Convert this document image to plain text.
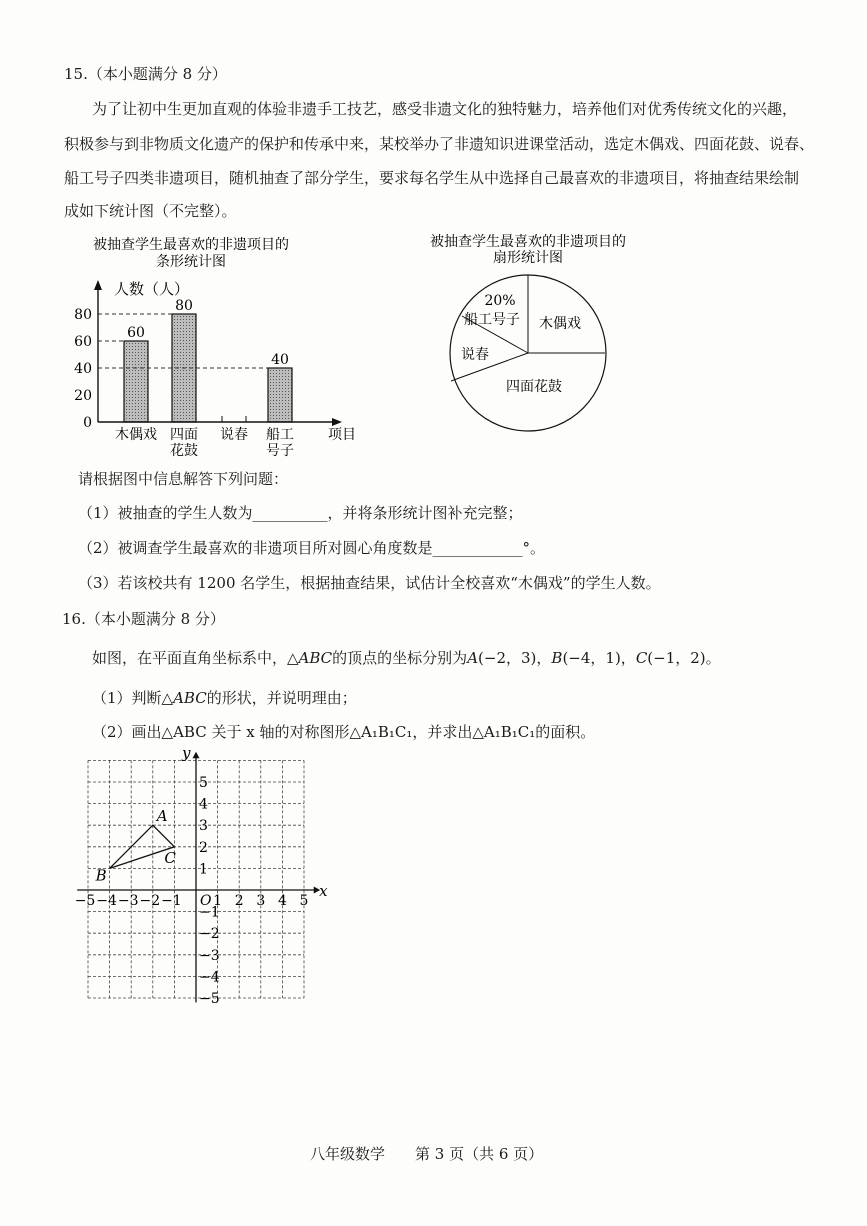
15.（本小题满分 8 分）
为了让初中生更加直观的体验非遗手工技艺，感受非遗文化的独特魅力，培养他们对优秀传统文化的兴趣，
积极参与到非物质文化遗产的保护和传承中来，某校举办了非遗知识进课堂活动，选定木偶戏、四面花鼓、说春、
船工号子四类非遗项目，随机抽查了部分学生，要求每名学生从中选择自己最喜欢的非遗项目，将抽查结果绘制
成如下统计图（不完整）。
被抽查学生最喜欢的非遗项目的
条形统计图
人数（人）
0
20
40
60
80
60
木偶戏
80
四面
花鼓
说春
40
船工
号子
项目
被抽查学生最喜欢的非遗项目的
扇形统计图
20%
船工号子 木偶戏
说春
四面花鼓
请根据图中信息解答下列问题：
（1）被抽查的学生人数为__________，并将条形统计图补充完整；
（2）被调查学生最喜欢的非遗项目所对圆心角度数是____________°。
（3）若该校共有 1200 名学生，根据抽查结果，试估计全校喜欢“木偶戏”的学生人数。
16.（本小题满分 8 分）
如图，在平面直角坐标系中，△ABC的顶点的坐标分别为A(−2，3)，B(−4，1)，C(−1，2)。
（1）判断△ABC的形状，并说明理由；
（2）画出△ABC 关于 x 轴的对称图形△A₁B₁C₁，并求出△A₁B₁C₁的面积。
x
y
O
−5 −4 −3 −2 −1 1 2 3 4 5
5
4
3
2
1
−1
−2
−3
−4
−5
A
B
C
八年级数学　　第 3 页（共 6 页）
